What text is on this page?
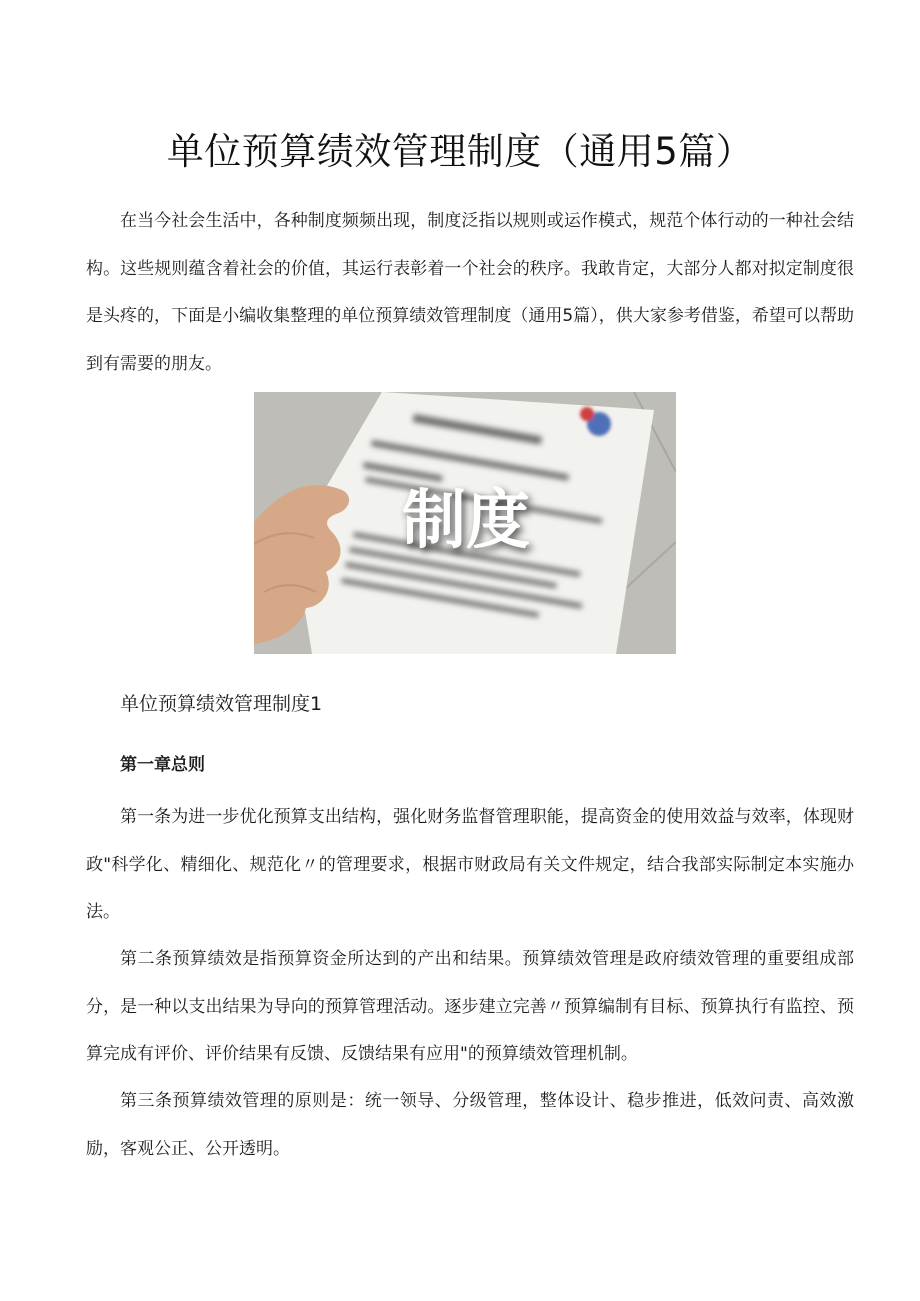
单位预算绩效管理制度（通用5篇）

在当今社会生活中，各种制度频频出现，制度泛指以规则或运作模式，规范个体行动的一种社会结构。这些规则蕴含着社会的价值，其运行表彰着一个社会的秩序。我敢肯定，大部分人都对拟定制度很是头疼的，下面是小编收集整理的单位预算绩效管理制度（通用5篇），供大家参考借鉴，希望可以帮助到有需要的朋友。

制度
单位预算绩效管理制度1
第一章总则

第一条为进一步优化预算支出结构，强化财务监督管理职能，提高资金的使用效益与效率，体现财政"科学化、精细化、规范化〃的管理要求，根据市财政局有关文件规定，结合我部实际制定本实施办法。

第二条预算绩效是指预算资金所达到的产出和结果。预算绩效管理是政府绩效管理的重要组成部分，是一种以支出结果为导向的预算管理活动。逐步建立完善〃预算编制有目标、预算执行有监控、预算完成有评价、评价结果有反馈、反馈结果有应用"的预算绩效管理机制。

第三条预算绩效管理的原则是：统一领导、分级管理，整体设计、稳步推进，低效问责、高效激励，客观公正、公开透明。
